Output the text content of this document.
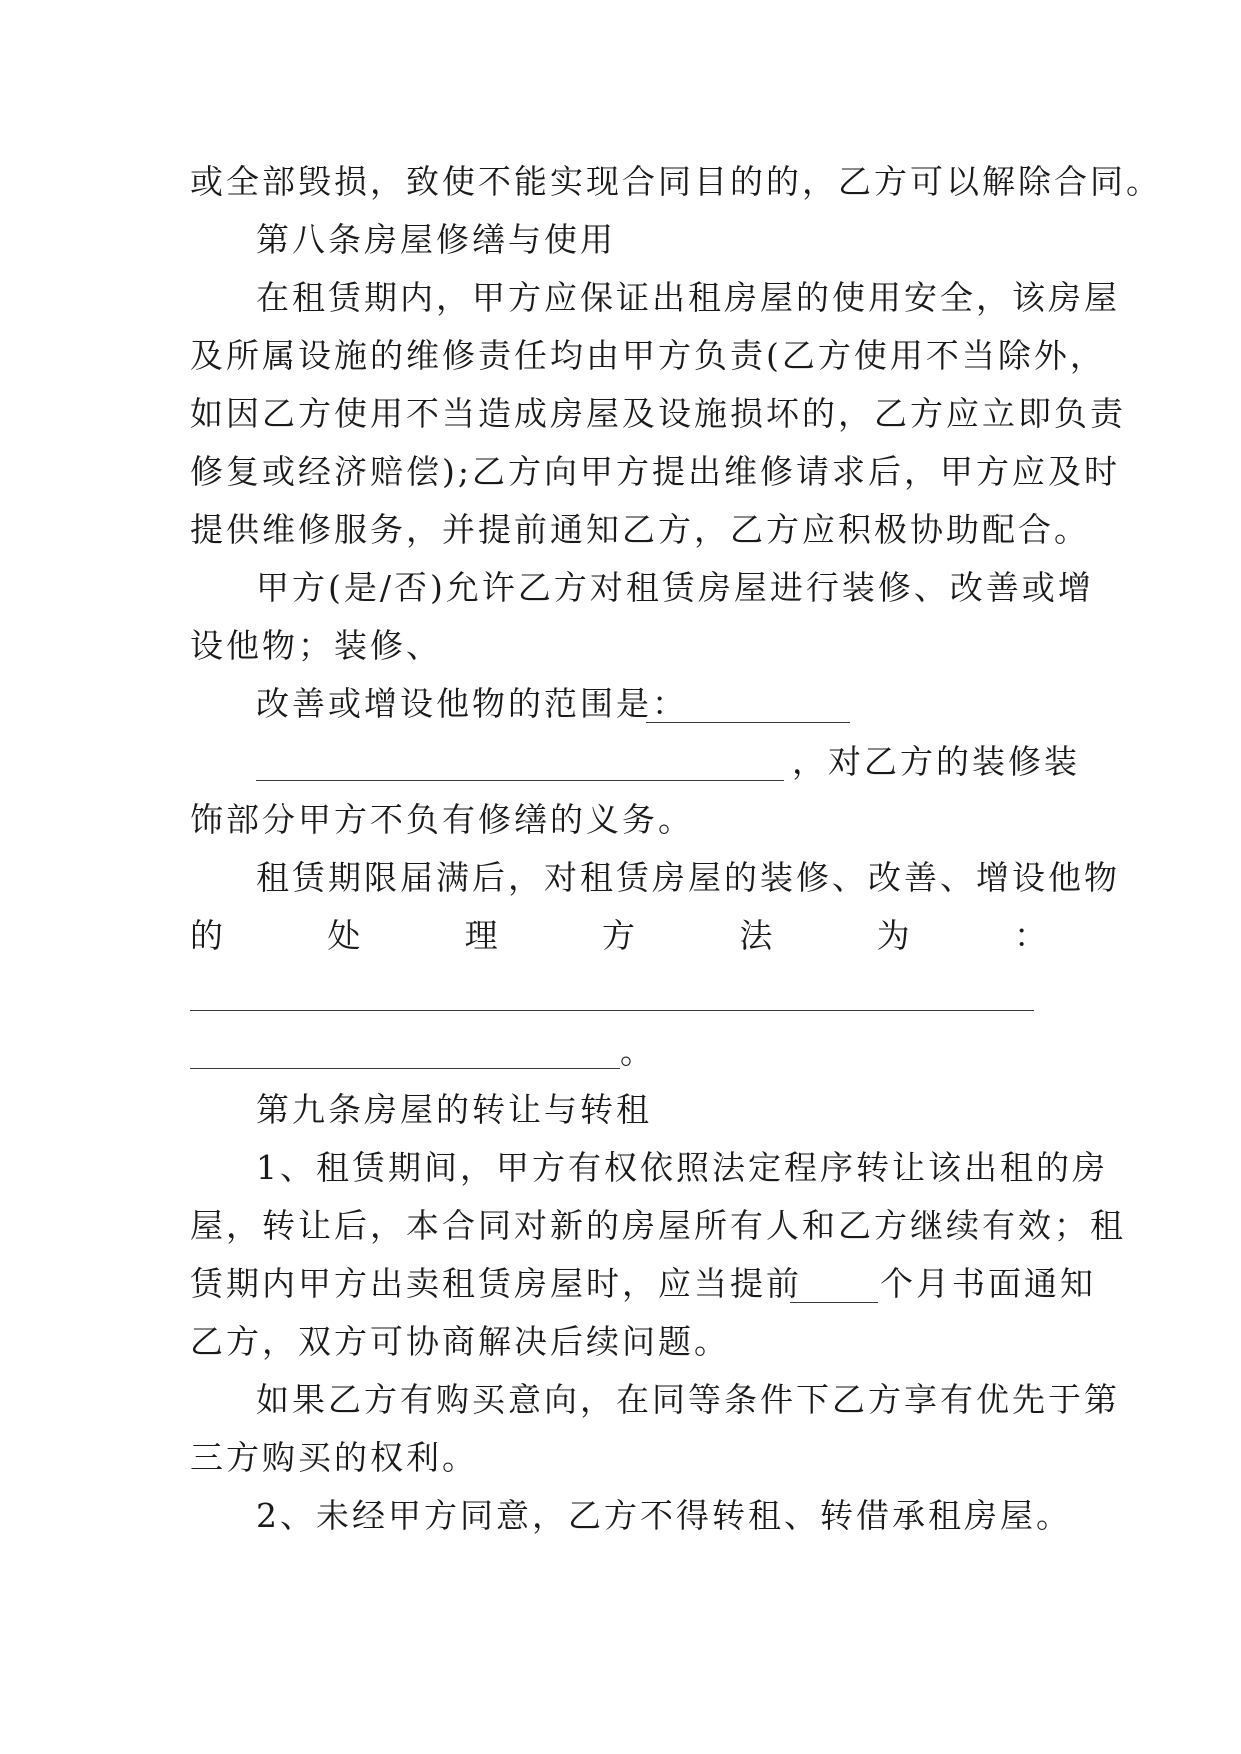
或全部毁损，致使不能实现合同目的的，乙方可以解除合同。
第八条房屋修缮与使用
在租赁期内，甲方应保证出租房屋的使用安全，该房屋
及所属设施的维修责任均由甲方负责(乙方使用不当除外，
如因乙方使用不当造成房屋及设施损坏的，乙方应立即负责
修复或经济赔偿);乙方向甲方提出维修请求后，甲方应及时
提供维修服务，并提前通知乙方，乙方应积极协助配合。
甲方(是/否)允许乙方对租赁房屋进行装修、改善或增
设他物；装修、
改善或增设他物的范围是：
，对乙方的装修装
饰部分甲方不负有修缮的义务。
租赁期限届满后，对租赁房屋的装修、改善、增设他物
的	处	理	方	法	为	：
。
第九条房屋的转让与转租
1、租赁期间，甲方有权依照法定程序转让该出租的房
屋，转让后，本合同对新的房屋所有人和乙方继续有效；租
赁期内甲方出卖租赁房屋时，应当提前 个月书面通知
乙方，双方可协商解决后续问题。
如果乙方有购买意向，在同等条件下乙方享有优先于第
三方购买的权利。
2、未经甲方同意，乙方不得转租、转借承租房屋。
